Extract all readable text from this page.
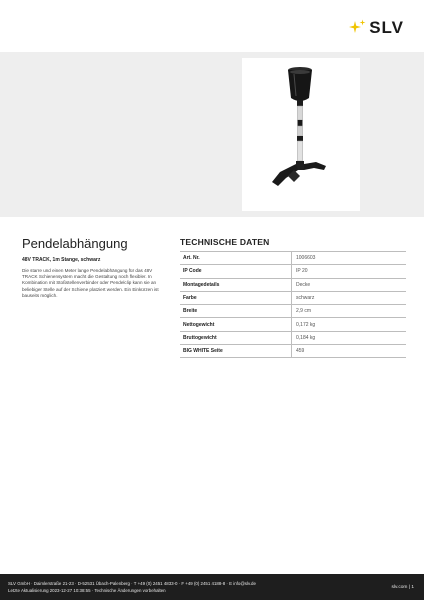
SLV
Pendelabhängung
48V TRACK, 1m Stange, schwarz
Die starre und einen Meter lange Pendelabhängung für das 48V TRACK Schienensystem macht die Gestaltung noch flexibler. In Kombination mit Stoßstellenverbinder oder Pendelclip kann sie an beliebiger Stelle auf der Schiene platziert werden. Ein Einkürzen ist bauseits möglich.
TECHNISCHE DATEN
Art. Nr.	1006603
IP Code	IP 20
Montagedetails	Decke
Farbe	schwarz
Breite	2,9 cm
Nettogewicht	0,172 kg
Bruttogewicht	0,184 kg
BIG WHITE Seite	459
SLV GmbH · Daimlerstraße 21-23 · D-52531 Übach-Palenberg · T +49 (0) 2451 4833-0 · F +49 (0) 2451 4188-8 · E info@slv.de
Letzte Aktualisierung 2023-12-27 10:38:55 · Technische Änderungen vorbehalten
slv.com | 1
